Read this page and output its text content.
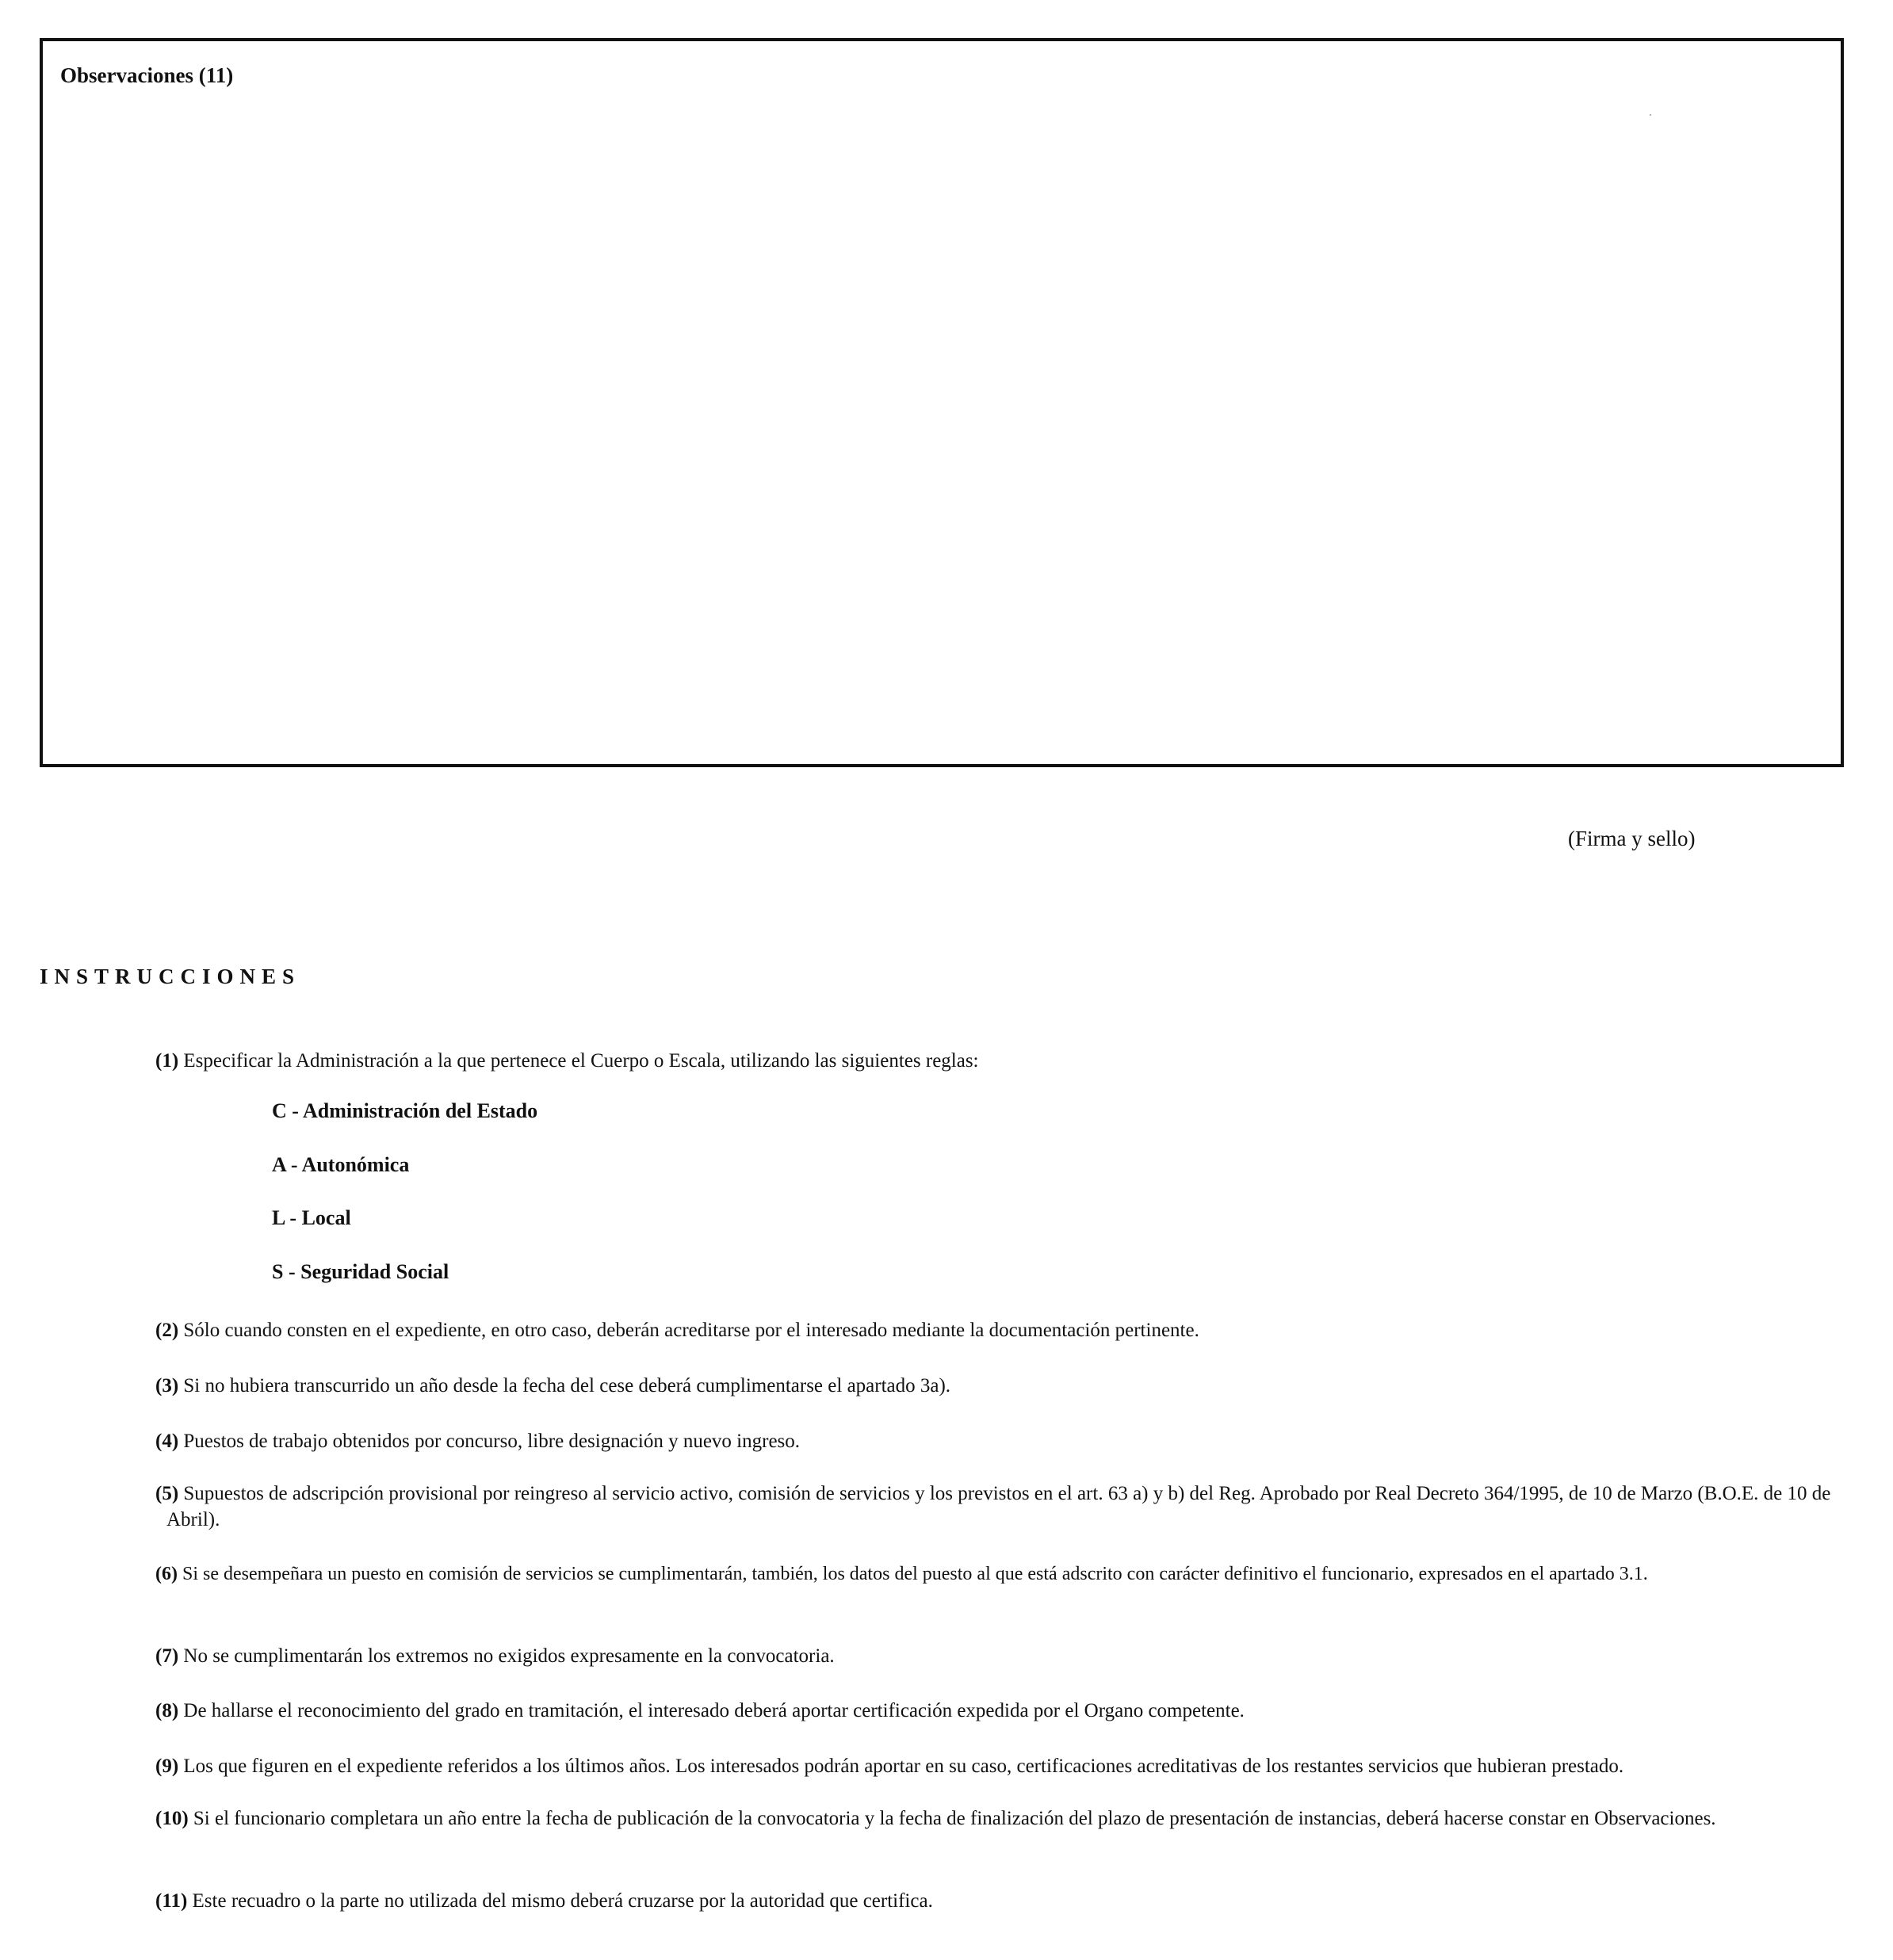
Observaciones (11)

(Firma y sello)

INSTRUCCIONES

(1) Especificar la Administración a la que pertenece el Cuerpo o Escala, utilizando las siguientes reglas:
C - Administración del Estado
A - Autonómica
L - Local
S - Seguridad Social
(2) Sólo cuando consten en el expediente, en otro caso, deberán acreditarse por el interesado mediante la documentación pertinente.
(3) Si no hubiera transcurrido un año desde la fecha del cese deberá cumplimentarse el apartado 3a).
(4) Puestos de trabajo obtenidos por concurso, libre designación y nuevo ingreso.
(5) Supuestos de adscripción provisional por reingreso al servicio activo, comisión de servicios y los previstos en el art. 63 a) y b) del Reg. Aprobado por Real Decreto 364/1995, de 10 de Marzo (B.O.E. de 10 de Abril).
(6) Si se desempeñara un puesto en comisión de servicios se cumplimentarán, también, los datos del puesto al que está adscrito con carácter definitivo el funcionario, expresados en el apartado 3.1.
(7) No se cumplimentarán los extremos no exigidos expresamente en la convocatoria.
(8) De hallarse el reconocimiento del grado en tramitación, el interesado deberá aportar certificación expedida por el Organo competente.
(9) Los que figuren en el expediente referidos a los últimos años. Los interesados podrán aportar en su caso, certificaciones acreditativas de los restantes servicios que hubieran prestado.
(10) Si el funcionario completara un año entre la fecha de publicación de la convocatoria y la fecha de finalización del plazo de presentación de instancias, deberá hacerse constar en Observaciones.
(11) Este recuadro o la parte no utilizada del mismo deberá cruzarse por la autoridad que certifica.
